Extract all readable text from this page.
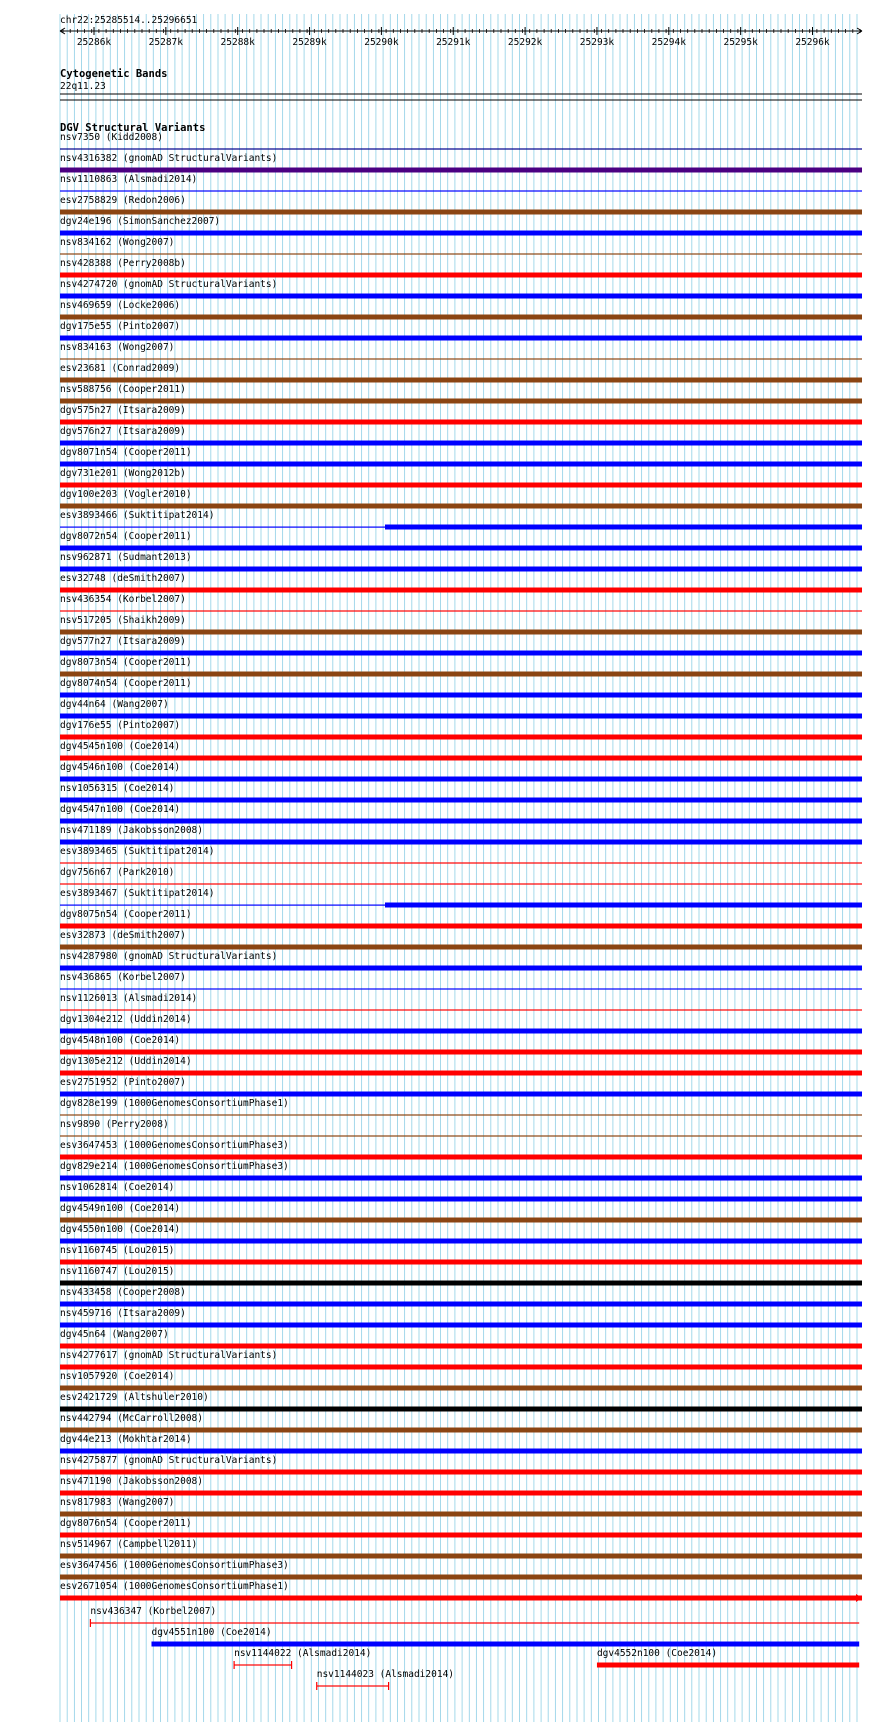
chr22:25285514..25296651
25286k	25287k	25288k	25289k	25290k	25291k	25292k	25293k	25294k	25295k	25296k
Cytogenetic Bands
22q11.23
DGV Structural Variants
nsv7350 (Kidd2008)
nsv4316382 (gnomAD StructuralVariants)
nsv1110863 (Alsmadi2014)
esv2758829 (Redon2006)
dgv24e196 (SimonSanchez2007)
nsv834162 (Wong2007)
nsv428388 (Perry2008b)
nsv4274720 (gnomAD StructuralVariants)
nsv469659 (Locke2006)
dgv175e55 (Pinto2007)
nsv834163 (Wong2007)
esv23681 (Conrad2009)
nsv588756 (Cooper2011)
dgv575n27 (Itsara2009)
dgv576n27 (Itsara2009)
dgv8071n54 (Cooper2011)
dgv731e201 (Wong2012b)
dgv100e203 (Vogler2010)
esv3893466 (Suktitipat2014)
dgv8072n54 (Cooper2011)
nsv962871 (Sudmant2013)
esv32748 (deSmith2007)
nsv436354 (Korbel2007)
nsv517205 (Shaikh2009)
dgv577n27 (Itsara2009)
dgv8073n54 (Cooper2011)
dgv8074n54 (Cooper2011)
dgv44n64 (Wang2007)
dgv176e55 (Pinto2007)
dgv4545n100 (Coe2014)
dgv4546n100 (Coe2014)
nsv1056315 (Coe2014)
dgv4547n100 (Coe2014)
nsv471189 (Jakobsson2008)
esv3893465 (Suktitipat2014)
dgv756n67 (Park2010)
esv3893467 (Suktitipat2014)
dgv8075n54 (Cooper2011)
esv32873 (deSmith2007)
nsv4287980 (gnomAD StructuralVariants)
nsv436865 (Korbel2007)
nsv1126013 (Alsmadi2014)
dgv1304e212 (Uddin2014)
dgv4548n100 (Coe2014)
dgv1305e212 (Uddin2014)
esv2751952 (Pinto2007)
dgv828e199 (1000GenomesConsortiumPhase1)
nsv9890 (Perry2008)
esv3647453 (1000GenomesConsortiumPhase3)
dgv829e214 (1000GenomesConsortiumPhase3)
nsv1062814 (Coe2014)
dgv4549n100 (Coe2014)
dgv4550n100 (Coe2014)
nsv1160745 (Lou2015)
nsv1160747 (Lou2015)
nsv433458 (Cooper2008)
nsv459716 (Itsara2009)
dgv45n64 (Wang2007)
nsv4277617 (gnomAD StructuralVariants)
nsv1057920 (Coe2014)
esv2421729 (Altshuler2010)
nsv442794 (McCarroll2008)
dgv44e213 (Mokhtar2014)
nsv4275877 (gnomAD StructuralVariants)
nsv471190 (Jakobsson2008)
nsv817983 (Wang2007)
dgv8076n54 (Cooper2011)
nsv514967 (Campbell2011)
esv3647456 (1000GenomesConsortiumPhase3)
esv2671054 (1000GenomesConsortiumPhase1)
nsv436347 (Korbel2007)
dgv4551n100 (Coe2014)
nsv1144022 (Alsmadi2014)	dgv4552n100 (Coe2014)
nsv1144023 (Alsmadi2014)
